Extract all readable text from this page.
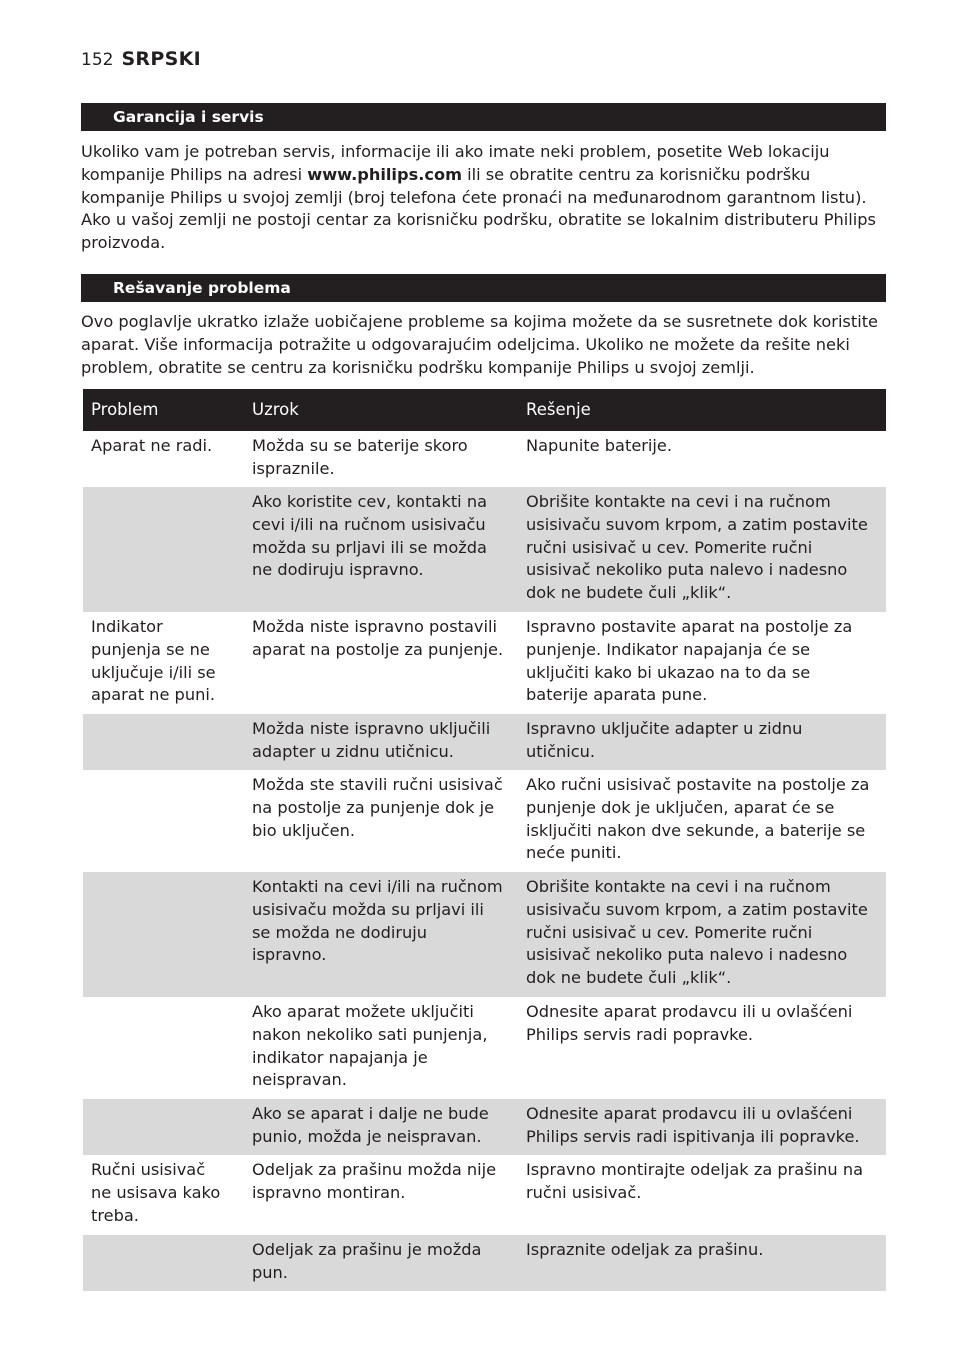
152 SRPSKI
Garancija i servis

Ukoliko vam je potreban servis, informacije ili ako imate neki problem, posetite Web lokaciju kompanije Philips na adresi www.philips.com ili se obratite centru za korisničku podršku kompanije Philips u svojoj zemlji (broj telefona ćete pronaći na međunarodnom garantnom listu). Ako u vašoj zemlji ne postoji centar za korisničku podršku, obratite se lokalnim distributeru Philips proizvoda.

Rešavanje problema

Ovo poglavlje ukratko izlaže uobičajene probleme sa kojima možete da se susretnete dok koristite aparat. Više informacija potražite u odgovarajućim odeljcima. Ukoliko ne možete da rešite neki problem, obratite se centru za korisničku podršku kompanije Philips u svojoj zemlji.

Problem	Uzrok	Rešenje
Aparat ne radi.	Možda su se baterije skoro ispraznile.	Napunite baterije.
	Ako koristite cev, kontakti na cevi i/ili na ručnom usisivaču možda su prljavi ili se možda ne dodiruju ispravno.	Obrišite kontakte na cevi i na ručnom usisivaču suvom krpom, a zatim postavite ručni usisivač u cev. Pomerite ručni usisivač nekoliko puta nalevo i nadesno dok ne budete čuli „klik“.
Indikator punjenja se ne uključuje i/ili se aparat ne puni.	Možda niste ispravno postavili aparat na postolje za punjenje.	Ispravno postavite aparat na postolje za punjenje. Indikator napajanja će se uključiti kako bi ukazao na to da se baterije aparata pune.
	Možda niste ispravno uključili adapter u zidnu utičnicu.	Ispravno uključite adapter u zidnu utičnicu.
	Možda ste stavili ručni usisivač na postolje za punjenje dok je bio uključen.	Ako ručni usisivač postavite na postolje za punjenje dok je uključen, aparat će se isključiti nakon dve sekunde, a baterije se neće puniti.
	Kontakti na cevi i/ili na ručnom usisivaču možda su prljavi ili se možda ne dodiruju ispravno.	Obrišite kontakte na cevi i na ručnom usisivaču suvom krpom, a zatim postavite ručni usisivač u cev. Pomerite ručni usisivač nekoliko puta nalevo i nadesno dok ne budete čuli „klik“.
	Ako aparat možete uključiti nakon nekoliko sati punjenja, indikator napajanja je neispravan.	Odnesite aparat prodavcu ili u ovlašćeni Philips servis radi popravke.
	Ako se aparat i dalje ne bude punio, možda je neispravan.	Odnesite aparat prodavcu ili u ovlašćeni Philips servis radi ispitivanja ili popravke.
Ručni usisivač ne usisava kako treba.	Odeljak za prašinu možda nije ispravno montiran.	Ispravno montirajte odeljak za prašinu na ručni usisivač.
	Odeljak za prašinu je možda pun.	Ispraznite odeljak za prašinu.
